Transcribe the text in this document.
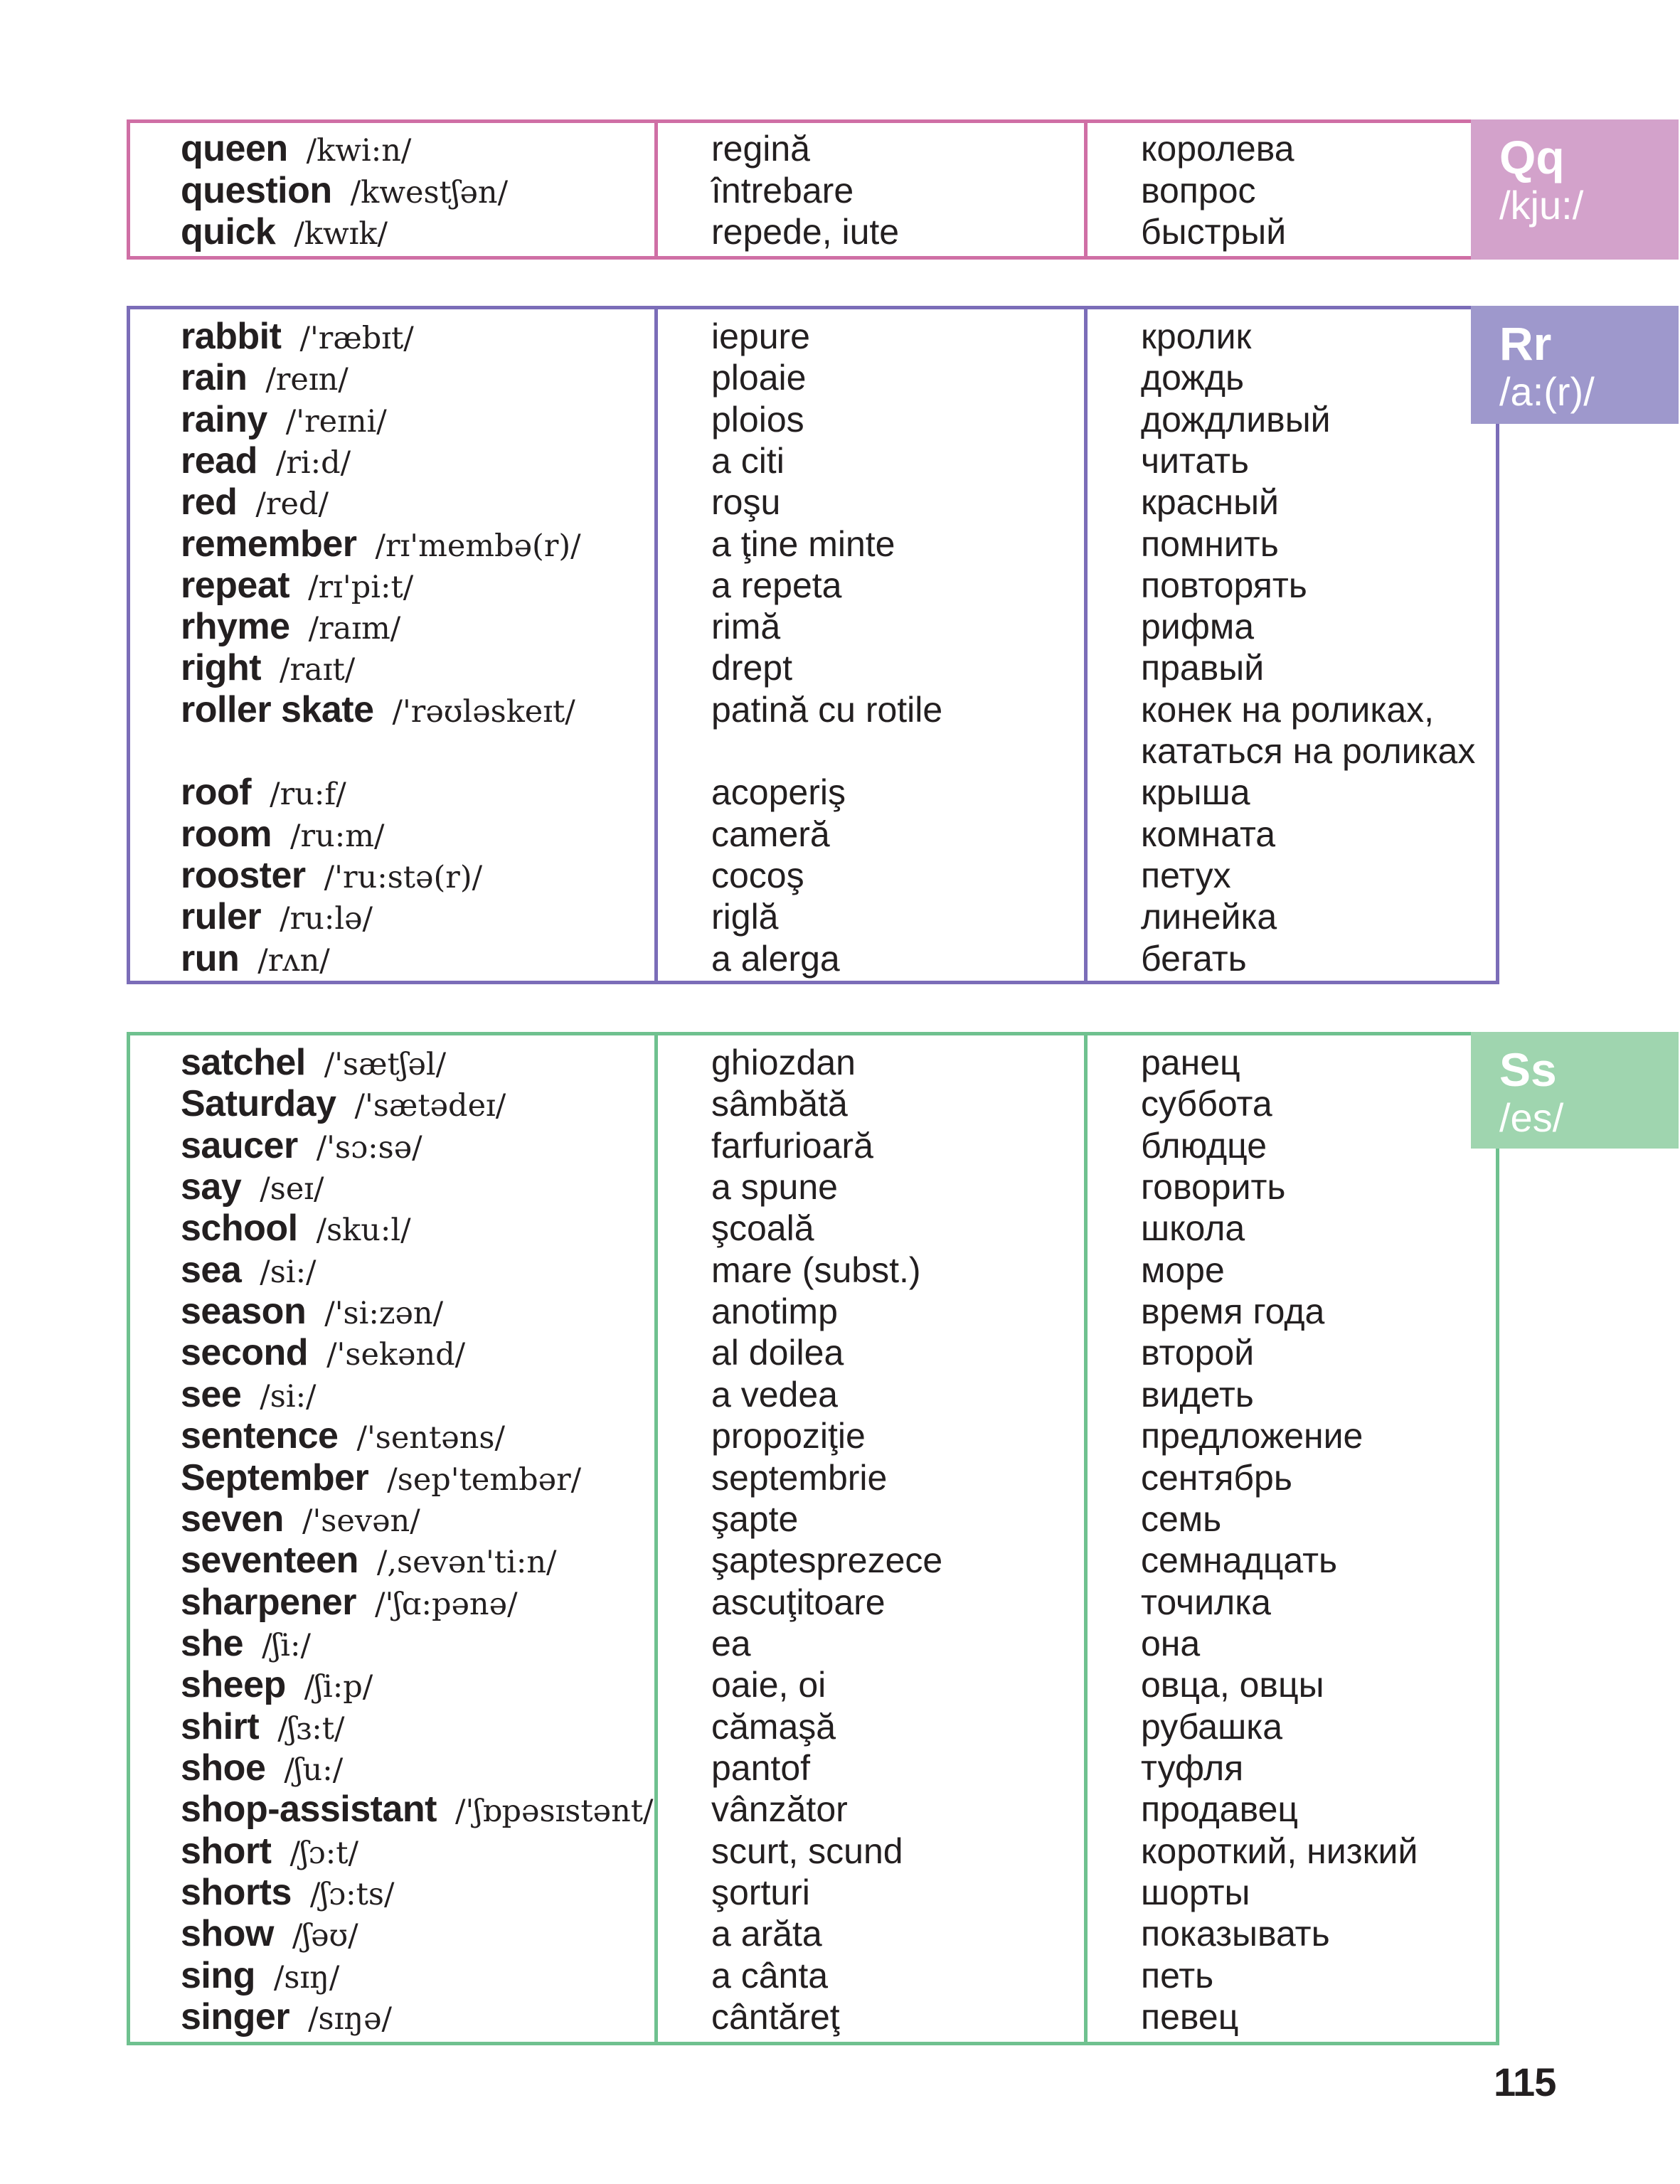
queen /kwi:n/	regină	королева
question /kwestʃən/	întrebare	вопрос
quick /kwɪk/	repede, iute	быстрый
Qq
/kju:/
rabbit /'ræbɪt/	iepure	кролик
rain /reɪn/	ploaie	дождь
rainy /'reɪni/	ploios	дождливый
read /ri:d/	a citi	читать
red /red/	roşu	красный
remember /rɪ'membə(r)/	a ţine minte	помнить
repeat /rɪ'pi:t/	a repeta	повторять
rhyme /raɪm/	rimă	рифма
right /raɪt/	drept	правый
roller skate /'rəʊləskeɪt/	patină cu rotile	конек на роликах,
кататься на роликах
roof /ru:f/	acoperiş	крыша
room /ru:m/	cameră	комната
rooster /'ru:stə(r)/	cocoş	петух
ruler /ru:lə/	riglă	линейка
run /rʌn/	a alerga	бегать
Rr
/a:(r)/
satchel /'sætʃəl/	ghiozdan	ранец
Saturday /'sætədeɪ/	sâmbătă	суббота
saucer /'sɔ:sə/	farfurioară	блюдце
say /seɪ/	a spune	говорить
school /sku:l/	şcoală	школа
sea /si:/	mare (subst.)	море
season /'si:zən/	anotimp	время года
second /'sekənd/	al doilea	второй
see /si:/	a vedea	видеть
sentence /'sentəns/	propoziţie	предложение
September /sep'tembər/	septembrie	сентябрь
seven /'sevən/	şapte	семь
seventeen /,sevən'ti:n/	şaptesprezece	семнадцать
sharpener /'ʃɑ:pənə/	ascuţitoare	точилка
she /ʃi:/	ea	она
sheep /ʃi:p/	oaie, oi	овца, овцы
shirt /ʃɜ:t/	cămaşă	рубашка
shoe /ʃu:/	pantof	туфля
shop-assistant /'ʃɒpəsɪstənt/ vânzător	продавец
short /ʃɔ:t/	scurt, scund	короткий, низкий
shorts /ʃɔ:ts/	şorturi	шорты
show /ʃəʊ/	a arăta	показывать
sing /sɪŋ/	a cânta	петь
singer /sɪŋə/	cântăreţ	певец
Ss
/es/
115
